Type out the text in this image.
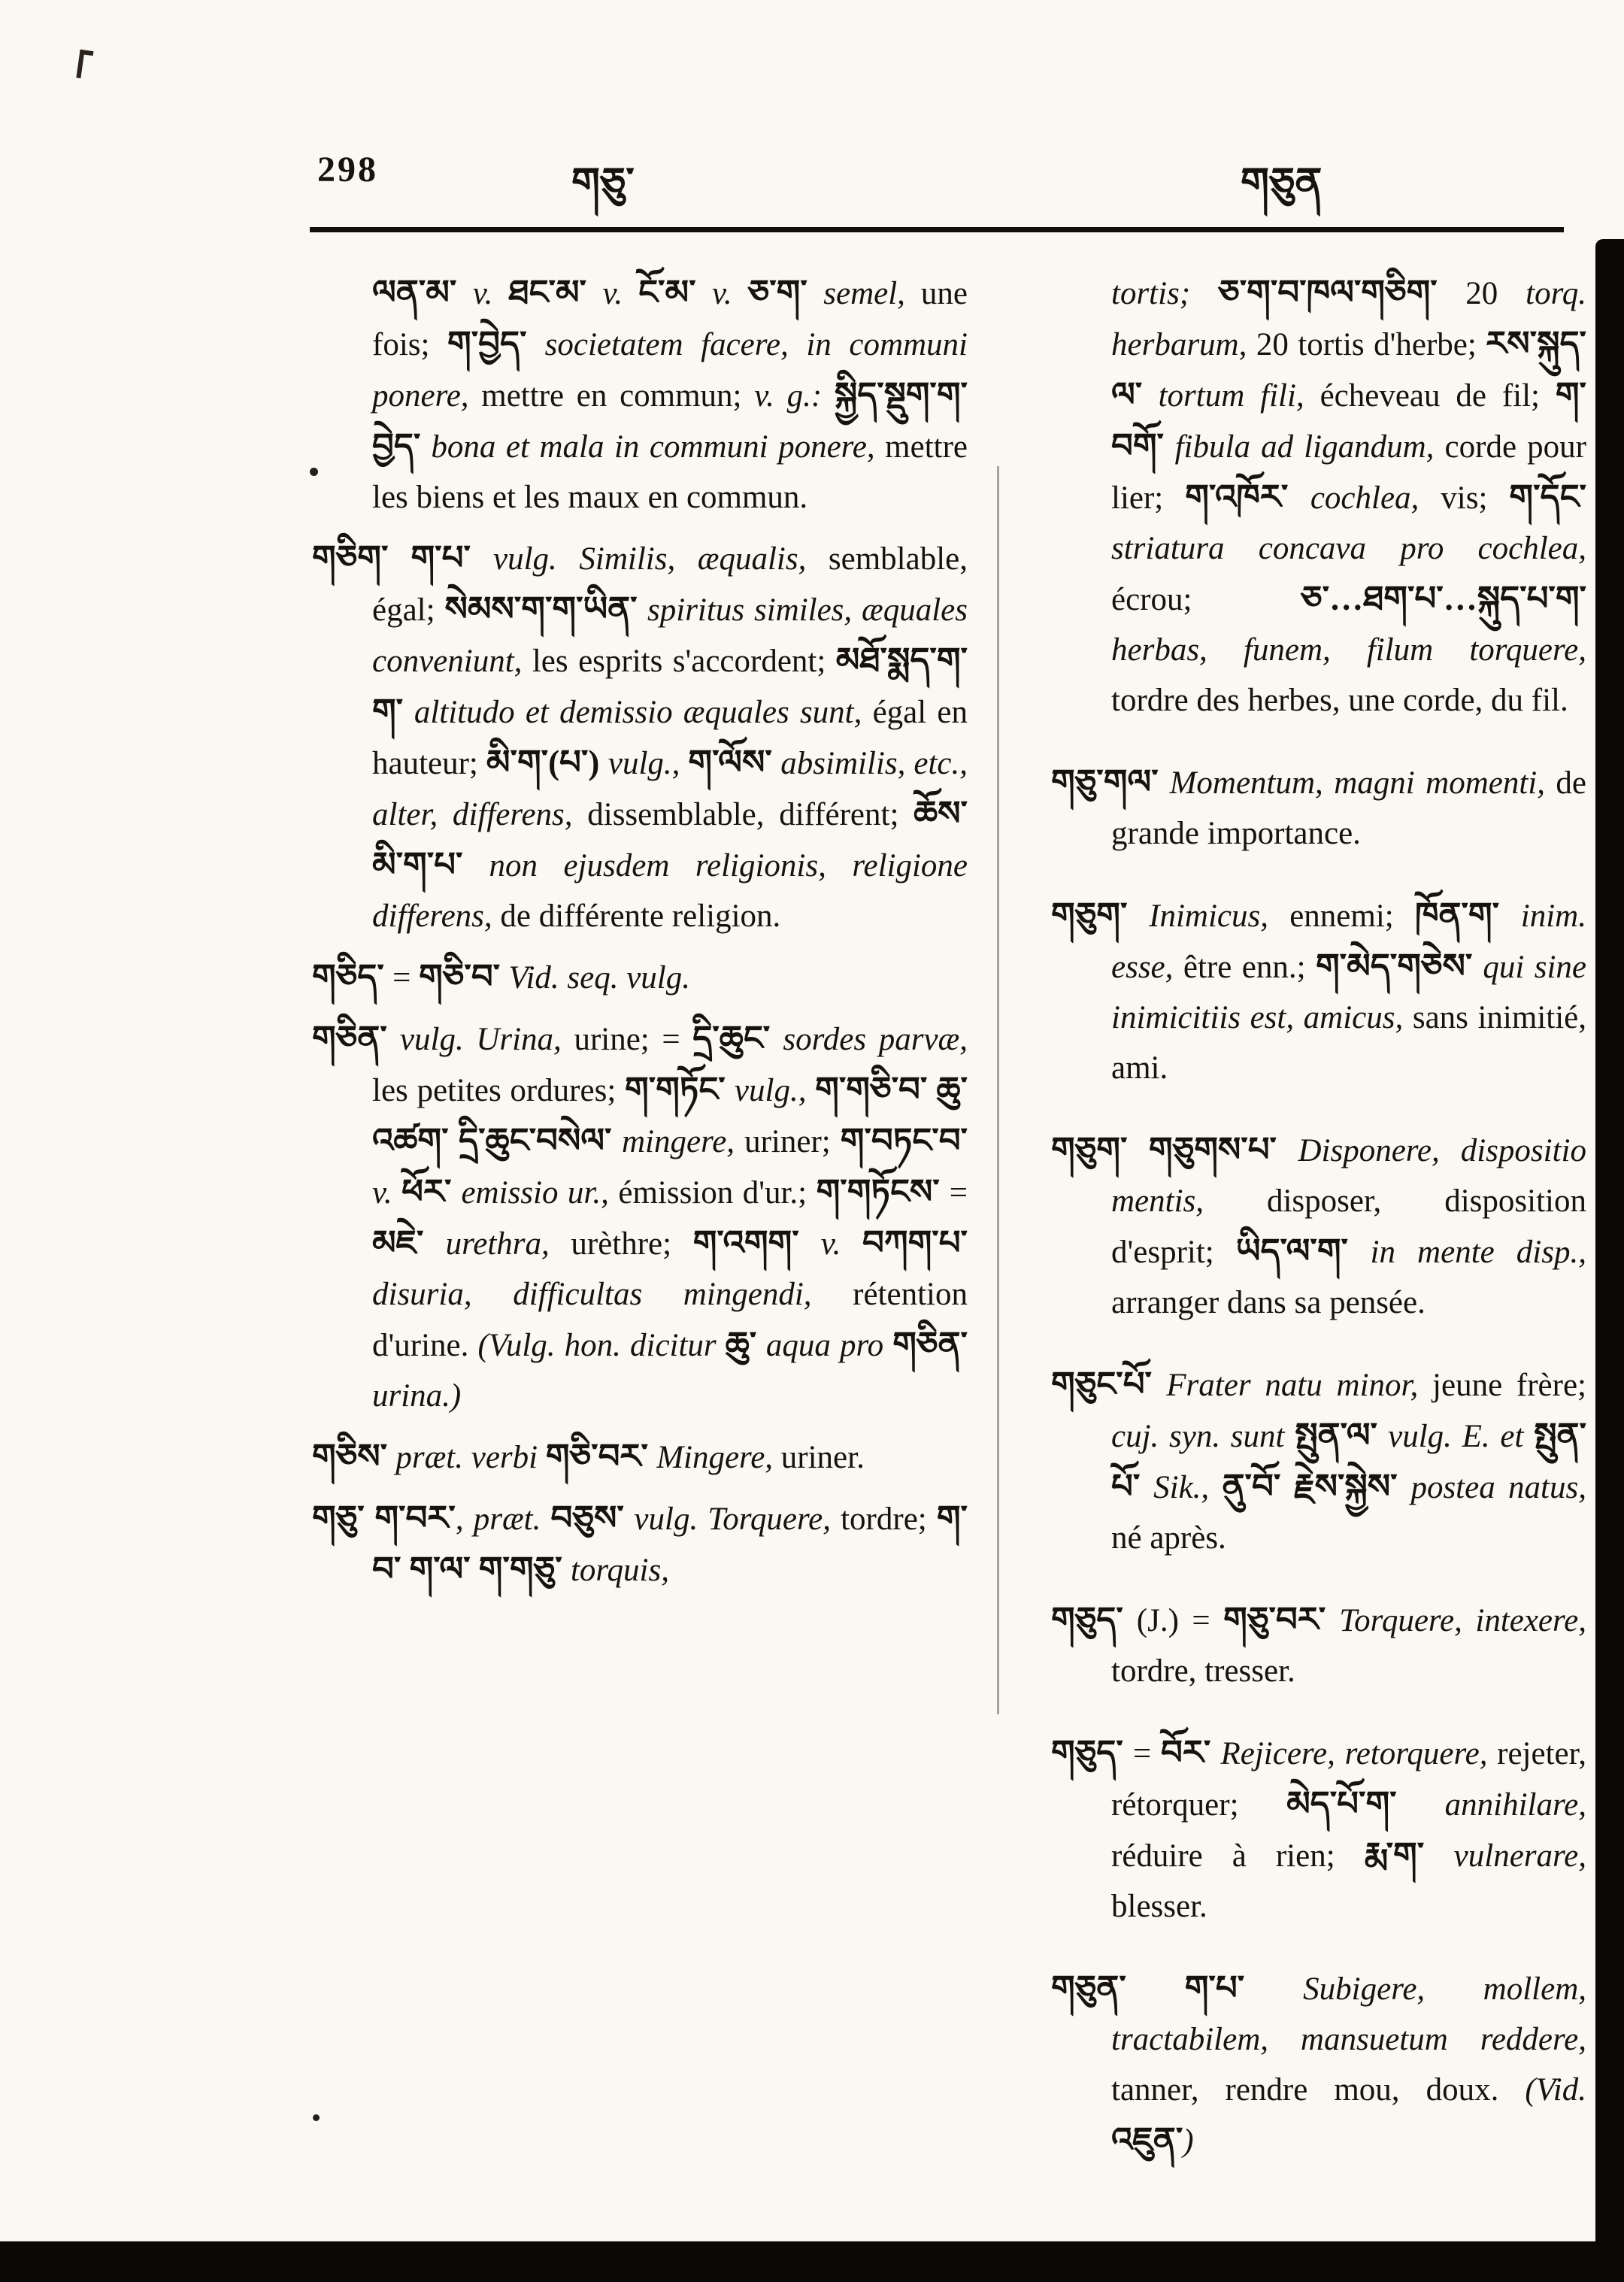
298	གཅུ་	གཅུན
ལན་མ་ v. ཐང་མ་ v. ངོ་མ་ v. ཅ་ག་ semel, une fois; ག་བྱེད་ societatem facere, in communi ponere, mettre en commun; v. g.: སྐྱིད་སྡུག་ག་བྱེད་ bona et mala in communi ponere, mettre les biens et les maux en commun.
གཅིག་ ག་པ་ vulg. Similis, æqualis, semblable, égal; སེམས་ག་ག་ཡིན་ spiritus similes, æquales conveniunt, les esprits s'accordent; མཐོ་སྨད་ག་ག་ altitudo et demissio æquales sunt, égal en hauteur; མི་ག་(པ་) vulg., ག་ལོས་ absimilis, etc., alter, differens, dissemblable, différent; ཆོས་མི་ག་པ་ non ejusdem religionis, religione differens, de différente religion.
གཅིད་ = གཅི་བ་ Vid. seq. vulg.
གཅིན་ vulg. Urina, urine; = དྲི་ཆུང་ sordes parvæ, les petites ordures; ག་གཏོང་ vulg., ག་གཅི་བ་ ཆུ་འཚག་ དྲི་ཆུང་བསེལ་ mingere, uriner; ག་བཏང་བ་ v. ཕོར་ emissio ur., émission d'ur.; ག་གཏོངས་ = མཇེ་ urethra, urèthre; ག་འགག་ v. བཀག་པ་ disuria, difficultas mingendi, rétention d'urine. (Vulg. hon. dicitur ཆུ་ aqua pro གཅིན་ urina.)
གཅིས་ præt. verbi གཅི་བར་ Mingere, uriner.
གཅུ་ ག་བར་, præt. བཅུས་ vulg. Torquere, tordre; ག་བ་ ག་ལ་ ག་གཅུ་ torquis,
tortis; ཅ་ག་བ་ཁལ་གཅིག་ 20 torq. herbarum, 20 tortis d'herbe; རས་སྐུད་ལ་ tortum fili, écheveau de fil; ག་བགོ་ fibula ad ligandum, corde pour lier; ག་འཁོར་ cochlea, vis; ག་དོང་ striatura concava pro cochlea, écrou; ཅ་…ཐག་པ་…སྐུད་པ་ག་ herbas, funem, filum torquere, tordre des herbes, une corde, du fil.
གཅུ་གལ་ Momentum, magni momenti, de grande importance.
གཅུག་ Inimicus, ennemi; ཁོན་ག་ inim. esse, être enn.; ག་མེད་གཅེས་ qui sine inimicitiis est, amicus, sans inimitié, ami.
གཅུག་ གཅུགས་པ་ Disponere, dispositio mentis, disposer, disposition d'esprit; ཡིད་ལ་ག་ in mente disp., arranger dans sa pensée.
གཅུང་པོ་ Frater natu minor, jeune frère; cuj. syn. sunt སྤུན་ལ་ vulg. E. et སྤུན་པོ་ Sik., ནུ་བོ་ རྗེས་སྐྱེས་ postea natus, né après.
གཅུད་ (J.) = གཅུ་བར་ Torquere, intexere, tordre, tresser.
གཅུད་ = བོར་ Rejicere, retorquere, rejeter, rétorquer; མེད་པོ་ག་ annihilare, réduire à rien; རྨ་ག་ vulnerare, blesser.
གཅུན་ ག་པ་ Subigere, mollem, tractabilem, mansuetum reddere, tanner, rendre mou, doux. (Vid. འཇུན་)
